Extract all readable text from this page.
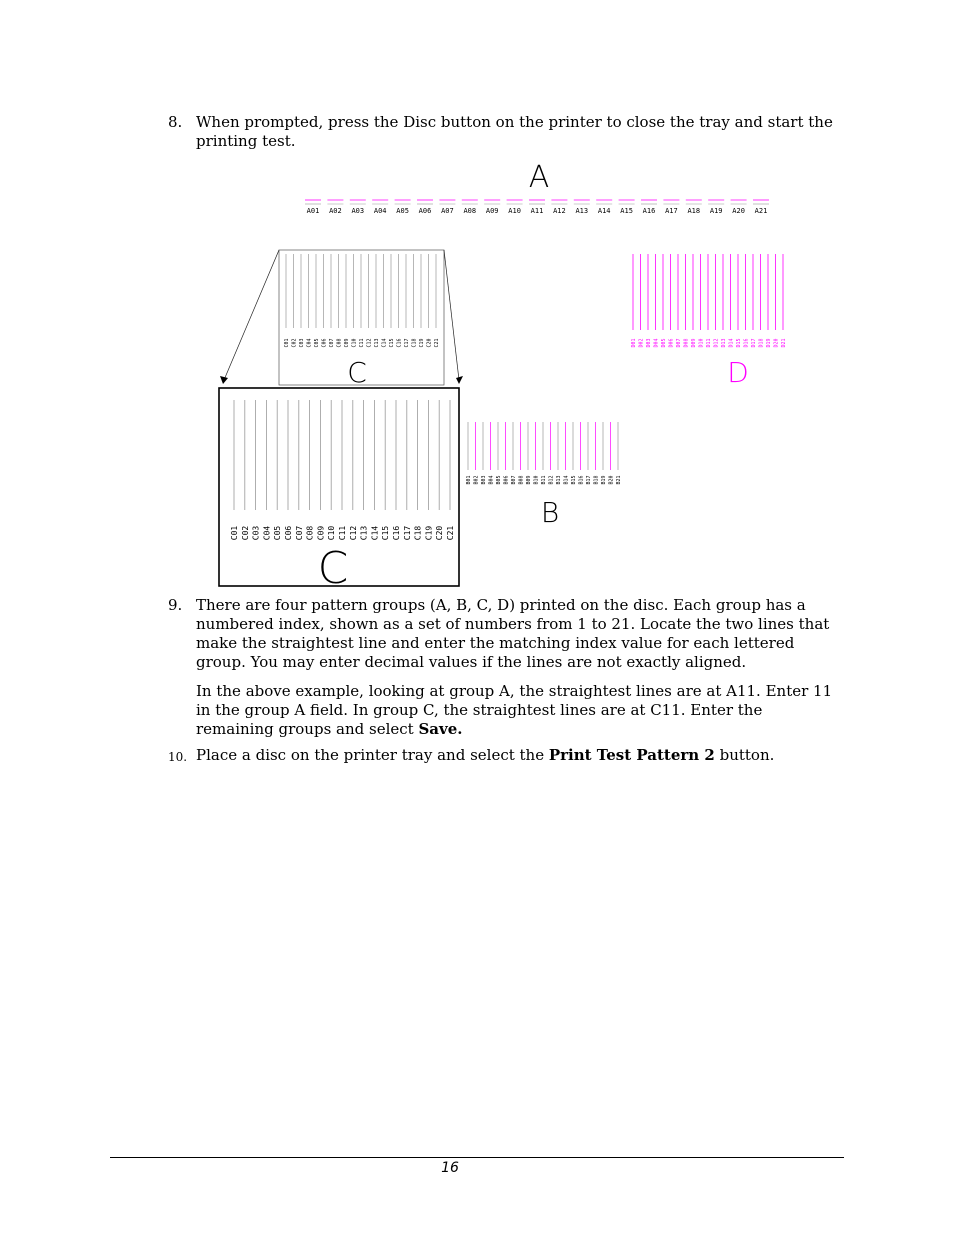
8. When prompted, press the Disc button on the printer to close the tray and start the printing test.
A
A01 A02 A03 A04 A05 A06 A07 A08 A09 A10 A11 A12 A13 A14 A15 A16 A17 A18 A19 A20 A21
D01 D02 D03 D04 D05 D06 D07 D08 D09 D10 D11 D12 D13 D14 D15 D16 D17 D18 D19 D20 D21
D
C01 C02 C03 C04 C05 C06 C07 C08 C09 C10 C11 C12 C13 C14 C15 C16 C17 C18 C19 C20 C21
C
B01 B02 B03 B04 B05 B06 B07 B08 B09 B10 B11 B12 B13 B14 B15 B16 B17 B18 B19 B20 B21
B
C01 C02 C03 C04 C05 C06 C07 C08 C09 C10 C11 C12 C13 C14 C15 C16 C17 C18 C19 C20 C21
C
9. There are four pattern groups (A, B, C, D) printed on the disc. Each group has a numbered index, shown as a set of numbers from 1 to 21. Locate the two lines that make the straightest line and enter the matching index value for each lettered group. You may enter decimal values if the lines are not exactly aligned.
In the above example, looking at group A, the straightest lines are at A11. Enter 11 in the group A field. In group C, the straightest lines are at C11. Enter the remaining groups and select Save.
10. Place a disc on the printer tray and select the Print Test Pattern 2 button.
16
